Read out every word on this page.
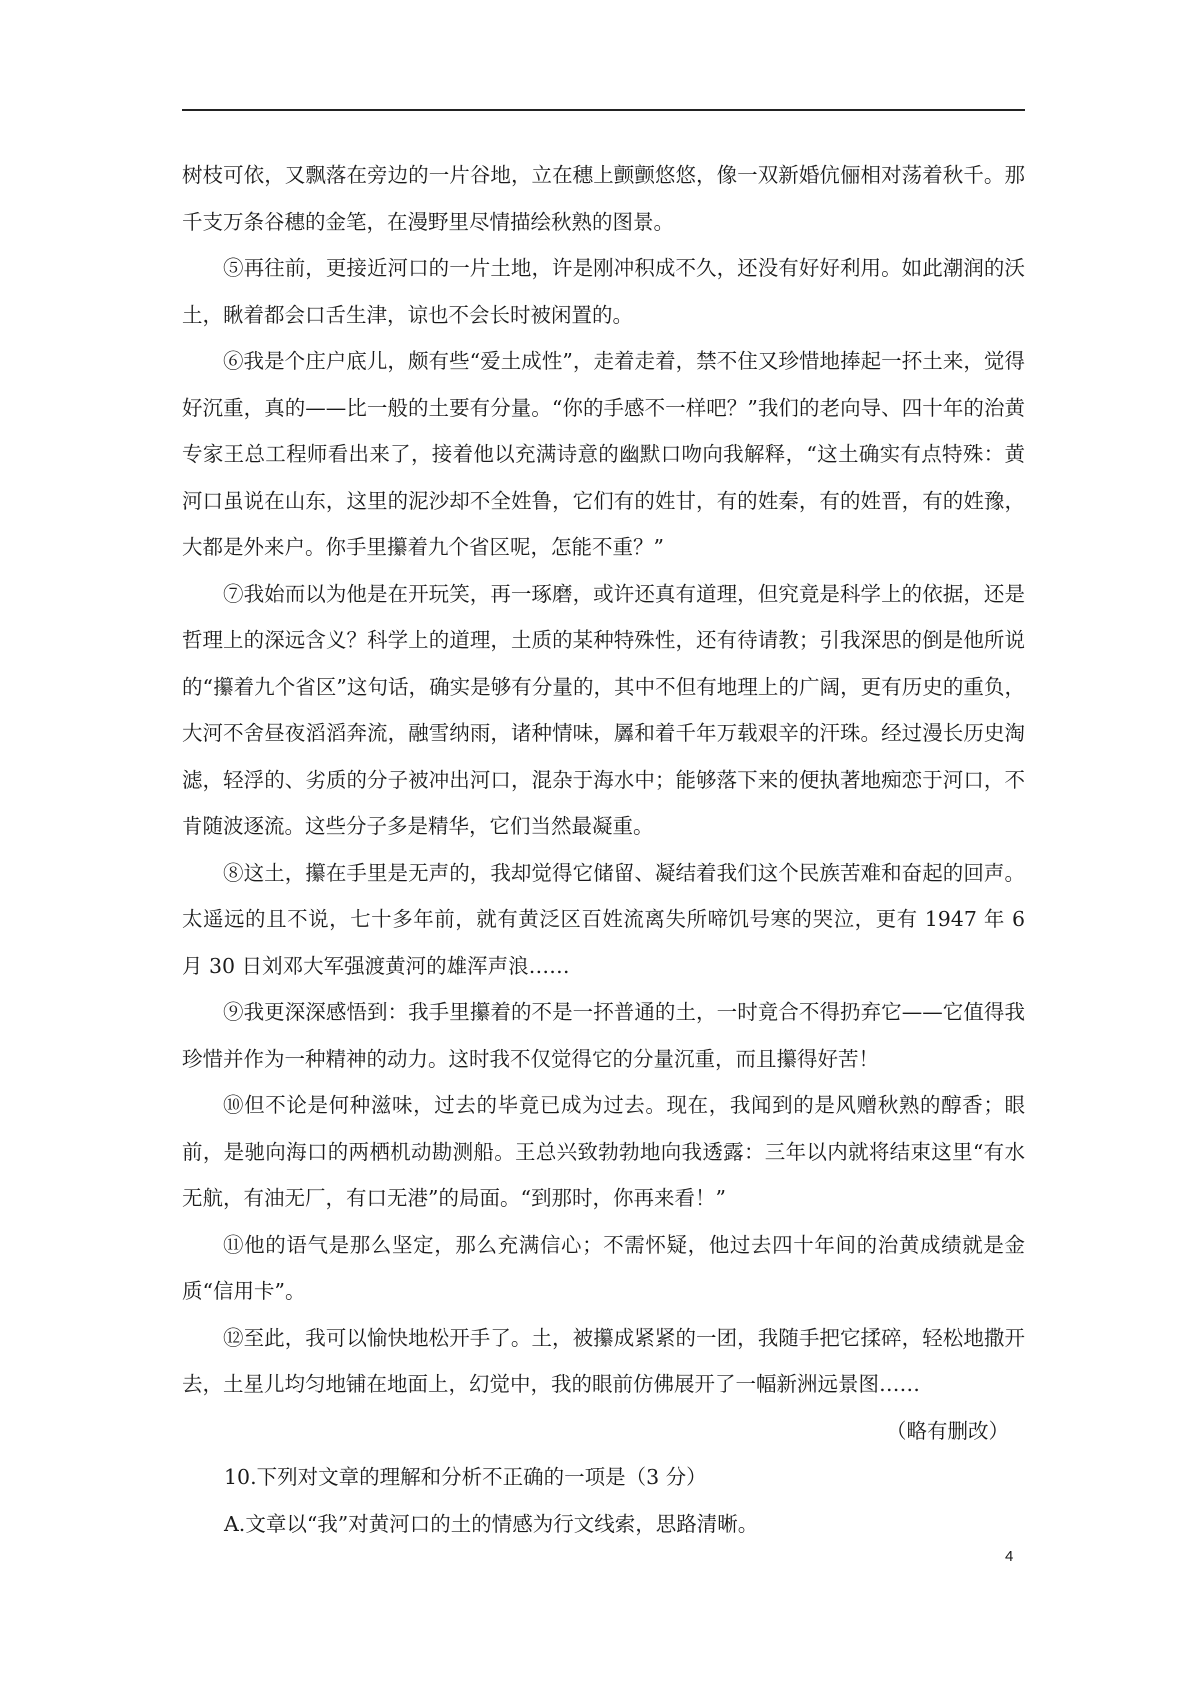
树枝可依，又飘落在旁边的一片谷地，立在穗上颤颤悠悠，像一双新婚伉俪相对荡着秋千。那千支万条谷穗的金笔，在漫野里尽情描绘秋熟的图景。

⑤再往前，更接近河口的一片土地，许是刚冲积成不久，还没有好好利用。如此潮润的沃土，瞅着都会口舌生津，谅也不会长时被闲置的。

⑥我是个庄户底儿，颇有些“爱土成性”，走着走着，禁不住又珍惜地捧起一抔土来，觉得好沉重，真的——比一般的土要有分量。“你的手感不一样吧？”我们的老向导、四十年的治黄专家王总工程师看出来了，接着他以充满诗意的幽默口吻向我解释，“这土确实有点特殊：黄河口虽说在山东，这里的泥沙却不全姓鲁，它们有的姓甘，有的姓秦，有的姓晋，有的姓豫，大都是外来户。你手里攥着九个省区呢，怎能不重？”

⑦我始而以为他是在开玩笑，再一琢磨，或许还真有道理，但究竟是科学上的依据，还是哲理上的深远含义？科学上的道理，土质的某种特殊性，还有待请教；引我深思的倒是他所说的“攥着九个省区”这句话，确实是够有分量的，其中不但有地理上的广阔，更有历史的重负，大河不舍昼夜滔滔奔流，融雪纳雨，诸种情味，羼和着千年万载艰辛的汗珠。经过漫长历史淘滤，轻浮的、劣质的分子被冲出河口，混杂于海水中；能够落下来的便执著地痴恋于河口，不肯随波逐流。这些分子多是精华，它们当然最凝重。

⑧这土，攥在手里是无声的，我却觉得它储留、凝结着我们这个民族苦难和奋起的回声。太遥远的且不说，七十多年前，就有黄泛区百姓流离失所啼饥号寒的哭泣，更有 1947 年 6 月 30 日刘邓大军强渡黄河的雄浑声浪……

⑨我更深深感悟到：我手里攥着的不是一抔普通的土，一时竟合不得扔弃它——它值得我珍惜并作为一种精神的动力。这时我不仅觉得它的分量沉重，而且攥得好苦！

⑩但不论是何种滋味，过去的毕竟已成为过去。现在，我闻到的是风赠秋熟的醇香；眼前，是驰向海口的两栖机动勘测船。王总兴致勃勃地向我透露：三年以内就将结束这里“有水无航，有油无厂，有口无港”的局面。“到那时，你再来看！”

⑪他的语气是那么坚定，那么充满信心；不需怀疑，他过去四十年间的治黄成绩就是金质“信用卡”。

⑫至此，我可以愉快地松开手了。土，被攥成紧紧的一团，我随手把它揉碎，轻松地撒开去，土星儿均匀地铺在地面上，幻觉中，我的眼前仿佛展开了一幅新洲远景图……

（略有删改）

10.下列对文章的理解和分析不正确的一项是（3 分）

A.文章以“我”对黄河口的土的情感为行文线索，思路清晰。

4
